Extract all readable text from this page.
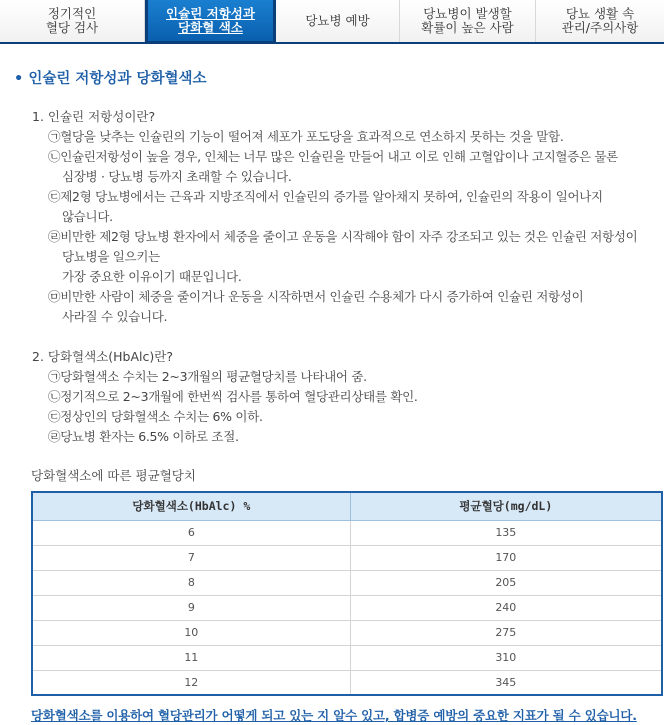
정기적인
혈당 검사
인슐린 저항성과
당화혈 색소	당뇨병 예방	당뇨병이 발생할
확률이 높은 사람
당뇨 생활 속
관리/주의사항
• 인슐린 저항성과 당화혈색소
1. 인슐린 저항성이란?
㉠혈당을 낮추는 인슐린의 기능이 떨어져 세포가 포도당을 효과적으로 연소하지 못하는 것을 말함.
㉡인슐린저항성이 높을 경우, 인체는 너무 많은 인슐린을 만들어 내고 이로 인해 고혈압이나 고지혈증은 물론
심장병 · 당뇨병 등까지 초래할 수 있습니다.
㉢제2형 당뇨병에서는 근육과 지방조직에서 인슐린의 증가를 알아채지 못하여, 인슐린의 작용이 일어나지
않습니다.
㉣비만한 제2형 당뇨병 환자에서 체중을 줄이고 운동을 시작해야 함이 자주 강조되고 있는 것은 인슐린 저항성이
당뇨병을 일으키는
가장 중요한 이유이기 때문입니다.
㉤비만한 사람이 체중을 줄이거나 운동을 시작하면서 인슐린 수용체가 다시 증가하여 인슐린 저항성이
사라질 수 있습니다.
2. 당화혈색소(HbAlc)란?
㉠당화혈색소 수치는 2~3개월의 평균혈당치를 나타내어 줌.
㉡정기적으로 2~3개월에 한번씩 검사를 통하여 혈당관리상태를 확인.
㉢정상인의 당화혈색소 수치는 6% 이하.
㉣당뇨병 환자는 6.5% 이하로 조절.
당화혈색소에 따른 평균혈당치
당화혈색소(HbAlc) %	평균혈당(mg/dL)
6	135
7	170
8	205
9	240
10	275
11	310
12	345
당화혈색소를 이용하여 혈당관리가 어떻게 되고 있는 지 알수 있고, 합병증 예방의 중요한 지표가 될 수 있습니다.
